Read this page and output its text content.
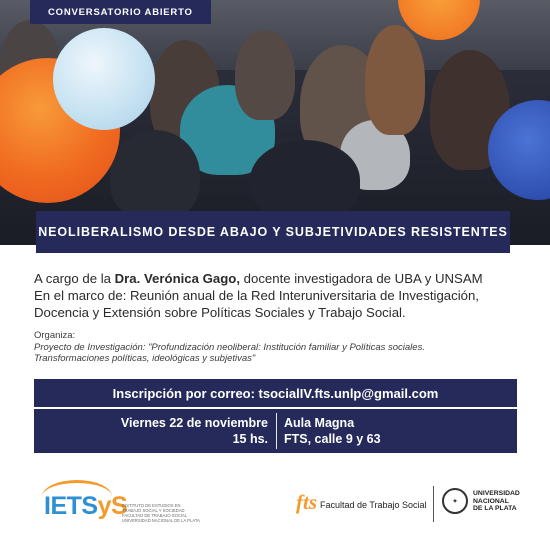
CONVERSATORIO ABIERTO
NEOLIBERALISMO DESDE ABAJO Y SUBJETIVIDADES RESISTENTES

A cargo de la Dra. Verónica Gago, docente investigadora de UBA y UNSAM

En el marco de: Reunión anual de la Red Interuniversitaria de Investigación,

Docencia y Extensión sobre Políticas Sociales y Trabajo Social.

Organiza:
Proyecto de Investigación: "Profundización neoliberal: Institución familiar y Políticas sociales.
Transformaciones políticas, ideológicas y subjetivas"
Inscripción por correo: tsocialIV.fts.unlp@gmail.com
Viernes 22 de noviembre
15 hs.
Aula Magna
FTS, calle 9 y 63
IETSyS
INSTITUTO DE ESTUDIOS EN
TRABAJO SOCIAL Y SOCIEDAD
FACULTAD DE TRABAJO SOCIAL
UNIVERSIDAD NACIONAL DE LA PLATA
fts Facultad de Trabajo Social	✦
UNIVERSIDAD
NACIONAL
DE LA PLATA
